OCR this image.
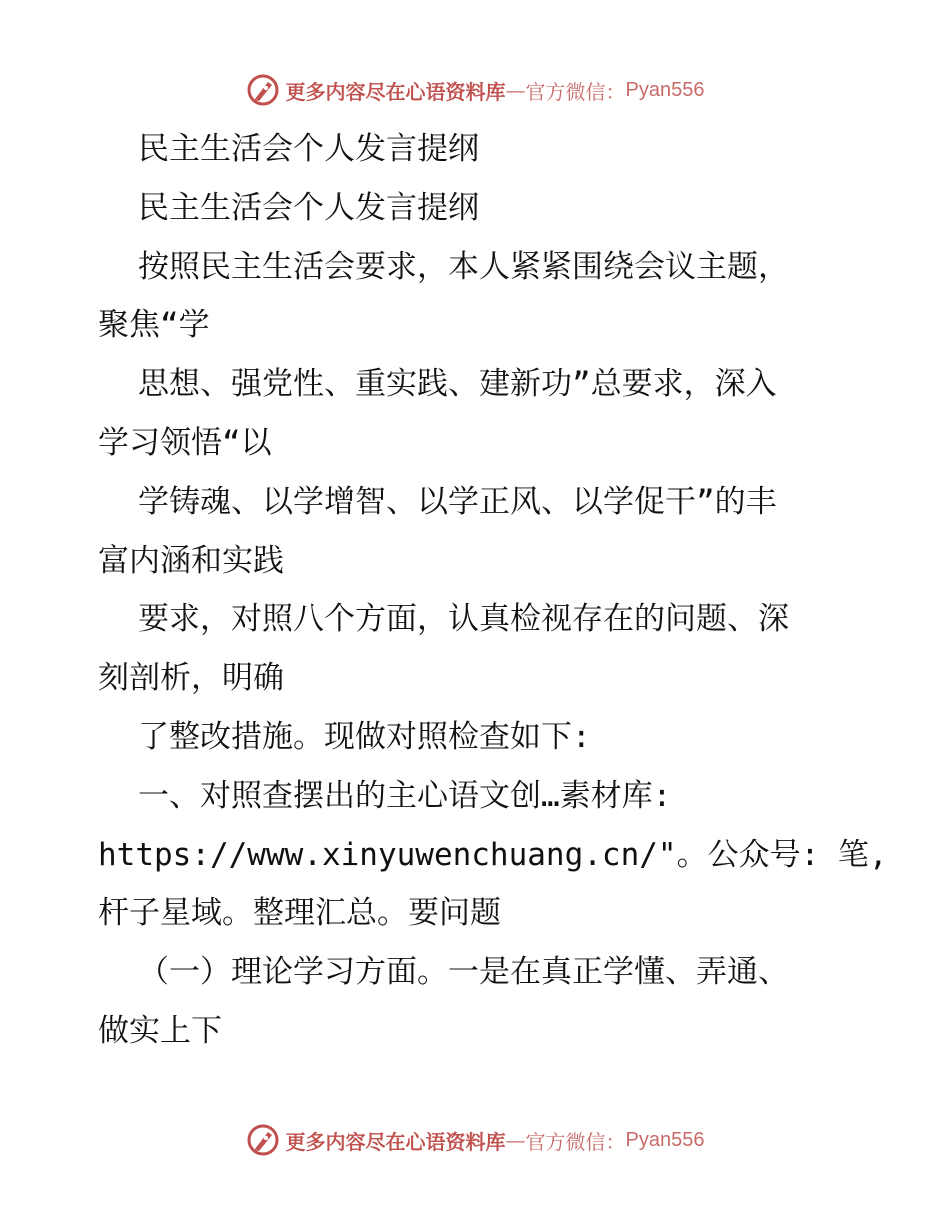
更多内容尽在心语资料库 — 官方微信： Pyan556
民主生活会个人发言提纲
民主生活会个人发言提纲
按照民主生活会要求，本人紧紧围绕会议主题，
聚焦“学
思想、强党性、重实践、建新功”总要求，深入
学习领悟“以
学铸魂、以学增智、以学正风、以学促干”的丰
富内涵和实践
要求，对照八个方面，认真检视存在的问题、深
刻剖析，明确
了整改措施。现做对照检查如下:
一、对照查摆出的主心语文创…素材库:
https://www.xinyuwenchuang.cn/"。公众号: 笔,
杆子星域。整理汇总。要问题
（一）理论学习方面。一是在真正学懂、弄通、
做实上下
更多内容尽在心语资料库 — 官方微信： Pyan556
